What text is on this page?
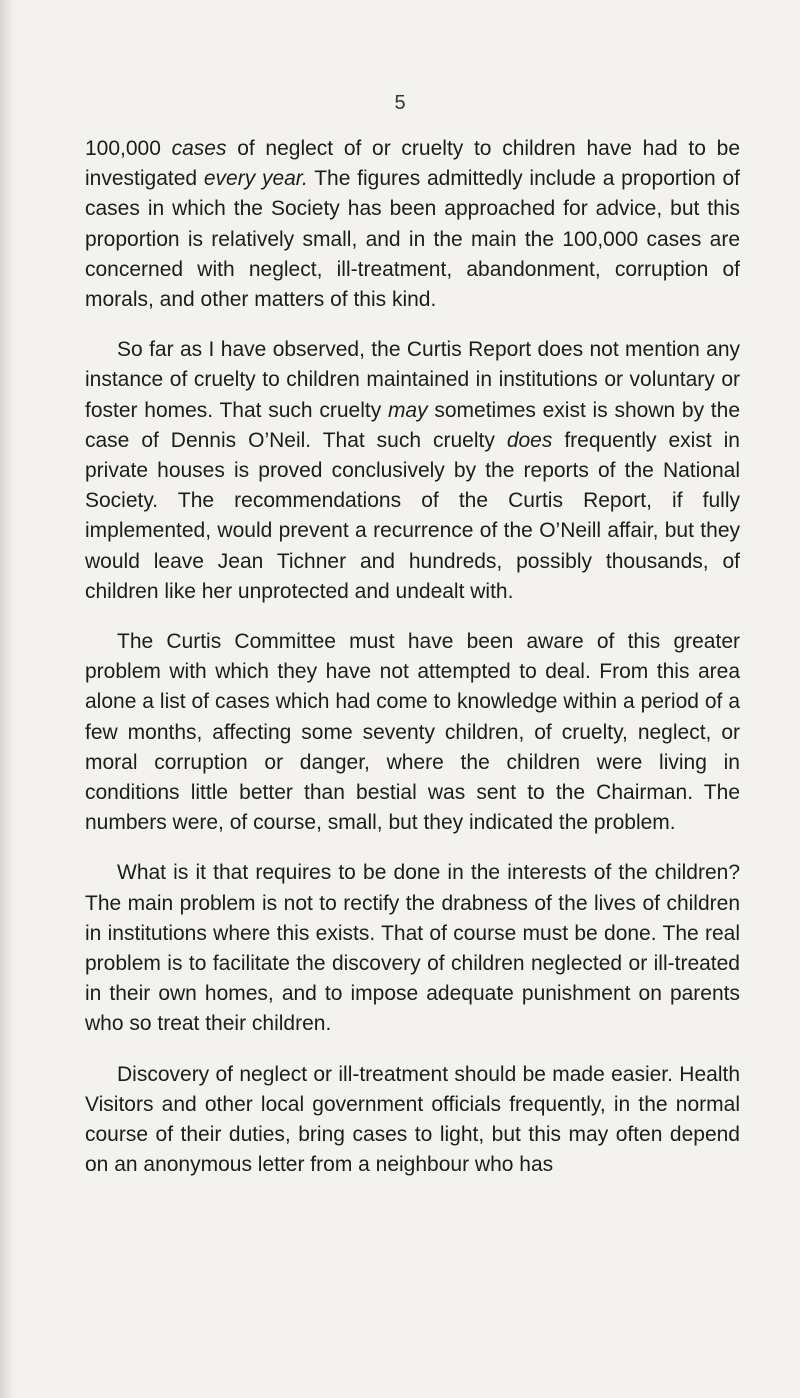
5

100,000 cases of neglect of or cruelty to children have had to be investigated every year. The figures admittedly include a proportion of cases in which the Society has been approached for advice, but this proportion is relatively small, and in the main the 100,000 cases are concerned with neglect, ill-treatment, abandonment, corruption of morals, and other matters of this kind.

So far as I have observed, the Curtis Report does not mention any instance of cruelty to children maintained in institutions or voluntary or foster homes. That such cruelty may sometimes exist is shown by the case of Dennis O’Neil. That such cruelty does frequently exist in private houses is proved conclusively by the reports of the National Society. The recommendations of the Curtis Report, if fully implemented, would prevent a recurrence of the O’Neill affair, but they would leave Jean Tichner and hundreds, possibly thousands, of children like her unprotected and undealt with.

The Curtis Committee must have been aware of this greater problem with which they have not attempted to deal. From this area alone a list of cases which had come to knowledge within a period of a few months, affecting some seventy children, of cruelty, neglect, or moral corruption or danger, where the children were living in conditions little better than bestial was sent to the Chairman. The numbers were, of course, small, but they indicated the problem.

What is it that requires to be done in the interests of the children? The main problem is not to rectify the drabness of the lives of children in institutions where this exists. That of course must be done. The real problem is to facilitate the discovery of children neglected or ill-treated in their own homes, and to impose adequate punishment on parents who so treat their children.

Discovery of neglect or ill-treatment should be made easier. Health Visitors and other local government officials frequently, in the normal course of their duties, bring cases to light, but this may often depend on an anonymous letter from a neighbour who has
